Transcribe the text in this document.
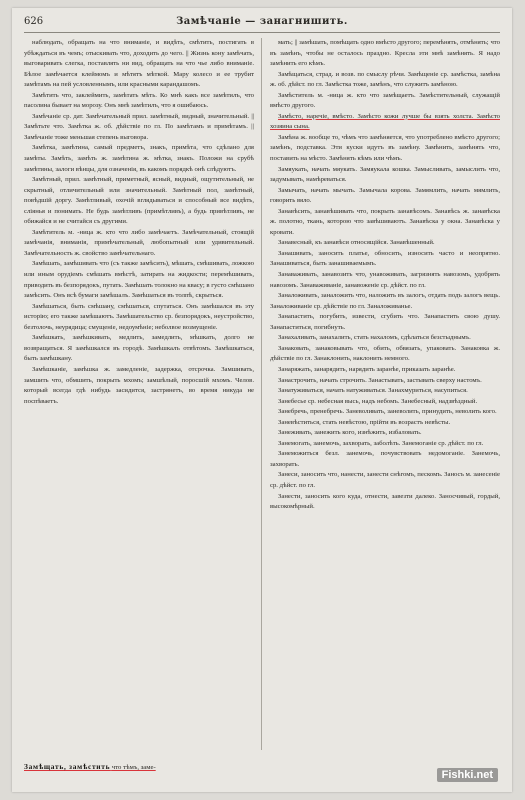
626	Замѣчаніе — занагнишить.

наблюдать, обращать на что вниманіе, и видѣть, смѣтить, постигать в убѣждаться въ чемъ; отыскивать что, доходить до чего. || Жизнь кону замѣчать, выговаривать слегка, поставлять ни вид, обращать на что чье либо вниманіе. Бѣлое замѣчается клеймомъ и мѣтятъ мѣткой. Мару колесо и ее трубит замѣтамъ на пей условленнымъ, или красными карандашомъ.

Замѣтить что, заклеймить, замѣтать мѣть. Ко мнѣ какъ все замѣтилъ, что пасолина бывает на морозу. Онъ мнѣ замѣтилъ, что я ошибаюсь.

Замѣчаніе ср. дат. Замѣчательный прил. замѣтный, видный, значительный. || Замѣтьте что. Замѣтка ж. об. дѣйствіе по гл. По замѣтамъ и примѣтамъ. || Замѣчаніе тоже меньшая степень выговора.

Замѣтка, замѣтина, самый предметъ, знакъ, примѣта, что сдѣлано для замѣты. Замѣть, замѣть ж. замѣтина ж. мѣтка, знакъ. Положи на срубѣ замѣтины, залоги вѣнцы, для означенія, въ какомъ порядкѣ онѣ слѣдуютъ.

Замѣтный, прил. замѣтный, приметный, ясный, видный, ощутительный, не скрытный, отличительный или значительный. Замѣтный пол, замѣтный, повѣдшій доргу. Замѣтливый, охочій вглядываться и способный все видѣть, сліянья и понимать. Не будь замѣтливъ (примѣтливъ), а будь привѣтливъ, не обижайся и не считайся съ другими.

Замѣтитель м. -ница ж. кто что либо замѣчаетъ. Замѣчательный, стоящій замѣчанія, вниманія, примѣчательный, любопытный или удивительный. Замѣчательность ж. свойство замѣчательнаго.

Замѣшать, замѣшивать что (съ также замѣсить), мѣшать, смѣшивать, ложкою или иным орудіемъ смѣшать вмѣстѣ, затирать на жидкости; перемѣшивать, приводить въ безпорядокъ, путать. Замѣшать толокно на квасу; в густо смѣшано замѣсить. Онъ всѣ бумаги замѣшалъ. Замѣшаться въ толпѣ, скрыться.

Замѣшаться, быть смѣшану, смѣшаться, спутаться. Онъ замѣшался въ эту исторію; его также замѣшаютъ. Замѣшательство ср. безпорядокъ, неустройство, безтолочь, неурядица; смущеніе, недоумѣніе; неболвое возмущеніе.

Замѣшкать, замѣшкивать, медлить, замедлить, мѣшкать, долго не возвращаться. Я замѣшкался въ городѣ. Замѣшкалъ отвѣтомъ. Замѣшкаться, быть замѣшкану.

Замѣшканіе, замѣшка ж. замедленіе, задержка, отсрочка. Замшивать, замшить что, обмшить, покрыть мхомъ; замшѣлый, поросшій мхомъ. Челов. который всегда гдѣ нибудь засидится, застрянетъ, во время никуда не поспѣваетъ.

мать; || замѣшать, помѣщать одно вмѣсто другого; перемѣнять, отмѣнять; что въ замѣнъ, чтобы не осталось праздно. Кресла эти мнѣ замѣнять. Я надо замѣнить его кѣмъ.

Замѣщаться, страд. и возв. по смыслу рѣчи. Замѣщеніе ср. замѣстка, замѣна ж. об. дѣйст. по гл. Замѣстка тоже, замѣнъ, что служитъ замѣною.

Замѣститель м. -ница ж. кто что замѣщаетъ. Замѣстительный, служащій вмѣсто другого.

Замѣсто, наречіе, вмѣсто. Замѣсто кожи лучше бы взять холста. Замѣсто хозяина сына.

Замѣна ж. вообще то, чѣмъ что замѣняется, что употреблено вмѣсто другого; замѣнъ, подставка. Эти куски идутъ въ замѣну. Замѣнить, замѣнять что, поставить на мѣсто. Замѣнять кѣмъ или чѣмъ.

Замяукать, начать мяукать. Замяукала кошка. Замысливать, замыслить что, задумывать, намѣреваться.

Замычать, начать мычать. Замычала корова. Замямлить, начать мямлить, говорить вяло.

Занавѣсить, занавѣшивать что, покрыть занавѣсомъ. Занавѣсь ж. занавѣска ж. полотно, ткань, которою что завѣшиваютъ. Занавѣска у окна. Занавѣска у кровати.

Занавесный, къ занавѣси относящійся. Занавѣшенный.

Занашивать, заносить платье, обносить, износить часто и неопрятно. Занашиваться, быть занашиваемымъ.

Занаваживать, занавозить что, унавоживать, загрязнять навозомъ, удобрять навозомъ. Занаваживаніе, занавоженіе ср. дѣйст. по гл.

Заналоживать, заналожить что, наложить въ залогъ, отдать подъ залогъ вещь. Заналоживаніе ср. дѣйствіе по гл. Заналоживанье.

Занапастить, погубить, извести, сгубить что. Занапастить свою душу. Занапаститься, погибнуть.

Занахаливать, занахалить, стать нахаломъ, сдѣлаться безстыднымъ.

Занаковать, занаковывать что, обить, обвязать, упаковать. Занаковка ж. дѣйствіе по гл. Занаклонить, наклонить немного.

Занаряжать, занарядить, нарядить заранѣе, приказать заранѣе.

Занастрочить, начать строчить. Занастывать, застывать сверху настомъ.

Занатуживаться, начать натуживаться. Занахмуриться, насупиться.

Занебесье ср. небесная высь, надъ небомъ. Занебесный, надзвѣздный.

Занебречь, пренебречь. Заневоливать, заневолить, принудить, неволить кого.

Заневѣститься, стать невѣстою, прійти въ возрастъ невѣсты.

Занеживать, занежить кого, изнѣжить, избаловать.

Занемогать, занемочь, захворать, заболѣть. Занемоганіе ср. дѣйст. по гл.

Занеможиться безл. занемочь, почувствовать недомоганіе. Занемочь, захворать.

Занеси, заносить что, нанести, занести снѣгомъ, пескомъ. Заносъ м. занесеніе ср. дѣйст. по гл.

Занести, заносить кого куда, отнести, завезти далеко. Заносчивый, гордый, высокомѣрный.

Замѣщать, замѣстить что тѣмъ, заме-
Fishki.net
